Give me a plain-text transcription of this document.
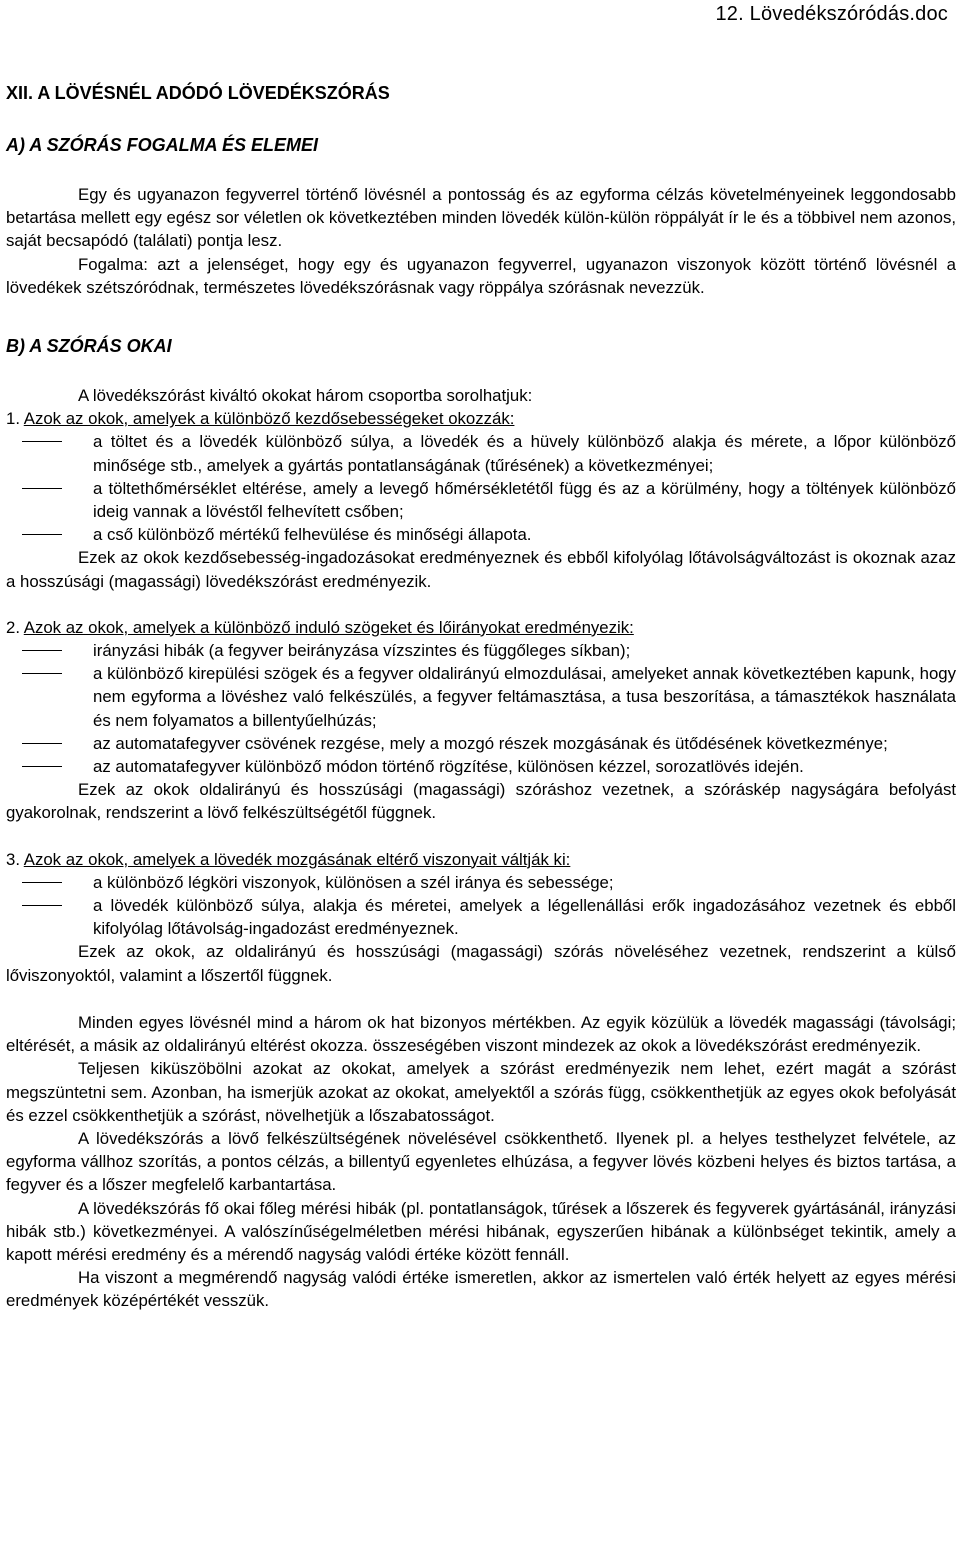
12. Lövedékszóródás.doc
XII. A LÖVÉSNÉL ADÓDÓ LÖVEDÉKSZÓRÁS
A) A SZÓRÁS FOGALMA ÉS ELEMEI

Egy és ugyanazon fegyverrel történő lövésnél a pontosság és az egyforma célzás követelményeinek leggondosabb betartása mellett egy egész sor véletlen ok következtében minden lövedék külön-külön röppályát ír le és a többivel nem azonos, saját becsapódó (találati) pontja lesz.

Fogalma: azt a jelenséget, hogy egy és ugyanazon fegyverrel, ugyanazon viszonyok között történő lövésnél a lövedékek szétszóródnak, természetes lövedékszórásnak vagy röppálya szórásnak nevezzük.

B) A SZÓRÁS OKAI

A lövedékszórást kiváltó okokat három csoportba sorolhatjuk:

1. Azok az okok, amelyek a különböző kezdősebességeket okozzák:

a töltet és a lövedék különböző súlya, a lövedék és a hüvely különböző alakja és mérete, a lőpor különböző minősége stb., amelyek a gyártás pontatlanságának (tűrésének) a következményei;
a töltethőmérséklet eltérése, amely a levegő hőmérsékletétől függ és az a körülmény, hogy a töltények különböző ideig vannak a lövéstől felhevített csőben;
a cső különböző mértékű felhevülése és minőségi állapota.

Ezek az okok kezdősebesség-ingadozásokat eredményeznek és ebből kifolyólag lőtávolságváltozást is okoznak azaz a hosszúsági (magassági) lövedékszórást eredményezik.

2. Azok az okok, amelyek a különböző induló szögeket és lőirányokat eredményezik:

irányzási hibák (a fegyver beirányzása vízszintes és függőleges síkban);
a különböző kirepülési szögek és a fegyver oldalirányú elmozdulásai, amelyeket annak következtében kapunk, hogy nem egyforma a lövéshez való felkészülés, a fegyver feltámasztása, a tusa beszorítása, a támasztékok használata és nem folyamatos a billentyűelhúzás;
az automatafegyver csövének rezgése, mely a mozgó részek mozgásának és ütődésének következménye;
az automatafegyver különböző módon történő rögzítése, különösen kézzel, sorozatlövés idején.

Ezek az okok oldalirányú és hosszúsági (magassági) szóráshoz vezetnek, a szóráskép nagyságára befolyást gyakorolnak, rendszerint a lövő felkészültségétől függnek.

3. Azok az okok, amelyek a lövedék mozgásának eltérő viszonyait váltják ki:

a különböző légköri viszonyok, különösen a szél iránya és sebessége;
a lövedék különböző súlya, alakja és méretei, amelyek a légellenállási erők ingadozásához vezetnek és ebből kifolyólag lőtávolság-ingadozást eredményeznek.

Ezek az okok, az oldalirányú és hosszúsági (magassági) szórás növeléséhez vezetnek, rendszerint a külső lőviszonyoktól, valamint a lőszertől függnek.

Minden egyes lövésnél mind a három ok hat bizonyos mértékben. Az egyik közülük a lövedék magassági (távolsági; eltérését, a másik az oldalirányú eltérést okozza. összeségében viszont mindezek az okok a lövedékszórást eredményezik.

Teljesen kiküszöbölni azokat az okokat, amelyek a szórást eredményezik nem lehet, ezért magát a szórást megszüntetni sem. Azonban, ha ismerjük azokat az okokat, amelyektől a szórás függ, csökkenthetjük az egyes okok befolyását és ezzel csökkenthetjük a szórást, növelhetjük a lőszabatosságot.

A lövedékszórás a lövő felkészültségének növelésével csökkenthető. Ilyenek pl. a helyes testhelyzet felvétele, az egyforma vállhoz szorítás, a pontos célzás, a billentyű egyenletes elhúzása, a fegyver lövés közbeni helyes és biztos tartása, a fegyver és a lőszer megfelelő karbantartása.

A lövedékszórás fő okai főleg mérési hibák (pl. pontatlanságok, tűrések a lőszerek és fegyverek gyártásánál, irányzási hibák stb.) következményei. A valószínűségelméletben mérési hibának, egyszerűen hibának a különbséget tekintik, amely a kapott mérési eredmény és a mérendő nagyság valódi értéke között fennáll.

Ha viszont a megmérendő nagyság valódi értéke ismeretlen, akkor az ismertelen való érték helyett az egyes mérési eredmények középértékét vesszük.
